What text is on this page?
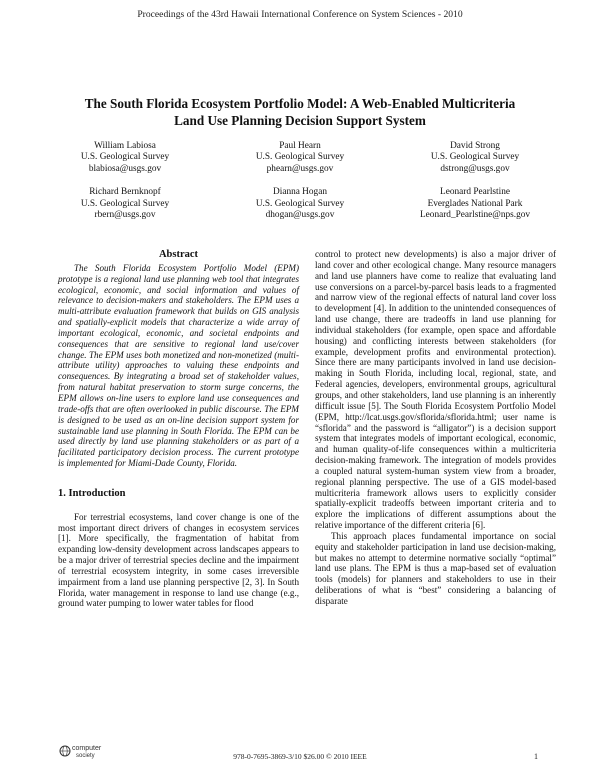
Proceedings of the 43rd Hawaii International Conference on System Sciences - 2010
The South Florida Ecosystem Portfolio Model: A Web-Enabled Multicriteria
Land Use Planning Decision Support System
William Labiosa
U.S. Geological Survey
blabiosa@usgs.gov
Paul Hearn
U.S. Geological Survey
phearn@usgs.gov
David Strong
U.S. Geological Survey
dstrong@usgs.gov
Richard Bernknopf
U.S. Geological Survey
rbern@usgs.gov
Dianna Hogan
U.S. Geological Survey
dhogan@usgs.gov
Leonard Pearlstine
Everglades National Park
Leonard_Pearlstine@nps.gov
Abstract

The South Florida Ecosystem Portfolio Model (EPM) prototype is a regional land use planning web tool that integrates ecological, economic, and social information and values of relevance to decision-makers and stakeholders. The EPM uses a multi-attribute evaluation framework that builds on GIS analysis and spatially-explicit models that characterize a wide array of important ecological, economic, and societal endpoints and consequences that are sensitive to regional land use/cover change. The EPM uses both monetized and non-monetized (multi-attribute utility) approaches to valuing these endpoints and consequences. By integrating a broad set of stakeholder values, from natural habitat preservation to storm surge concerns, the EPM allows on-line users to explore land use consequences and trade-offs that are often overlooked in public discourse. The EPM is designed to be used as an on-line decision support system for sustainable land use planning in South Florida. The EPM can be used directly by land use planning stakeholders or as part of a facilitated participatory decision process. The current prototype is implemented for Miami-Dade County, Florida.

1. Introduction

For terrestrial ecosystems, land cover change is one of the most important direct drivers of changes in ecosystem services [1]. More specifically, the fragmentation of habitat from expanding low-density development across landscapes appears to be a major driver of terrestrial species decline and the impairment of terrestrial ecosystem integrity, in some cases irreversible impairment from a land use planning perspective [2, 3]. In South Florida, water management in response to land use change (e.g., ground water pumping to lower water tables for flood

control to protect new developments) is also a major driver of land cover and other ecological change. Many resource managers and land use planners have come to realize that evaluating land use conversions on a parcel-by-parcel basis leads to a fragmented and narrow view of the regional effects of natural land cover loss to development [4]. In addition to the unintended consequences of land use change, there are tradeoffs in land use planning for individual stakeholders (for example, open space and affordable housing) and conflicting interests between stakeholders (for example, development profits and environmental protection). Since there are many participants involved in land use decision-making in South Florida, including local, regional, state, and Federal agencies, developers, environmental groups, agricultural groups, and other stakeholders, land use planning is an inherently difficult issue [5]. The South Florida Ecosystem Portfolio Model (EPM, http://lcat.usgs.gov/sflorida/sflorida.html; user name is “sflorida” and the password is “alligator”) is a decision support system that integrates models of important ecological, economic, and human quality-of-life consequences within a multicriteria decision-making framework. The integration of models provides a coupled natural system-human system view from a broader, regional planning perspective. The use of a GIS model-based multicriteria framework allows users to explicitly consider spatially-explicit tradeoffs between important criteria and to explore the implications of different assumptions about the relative importance of the different criteria [6].

This approach places fundamental importance on social equity and stakeholder participation in land use decision-making, but makes no attempt to determine normative socially “optimal” land use plans. The EPM is thus a map-based set of evaluation tools (models) for planners and stakeholders to use in their deliberations of what is “best” considering a balancing of disparate

computer
society	978-0-7695-3869-3/10 $26.00 © 2010 IEEE	1
